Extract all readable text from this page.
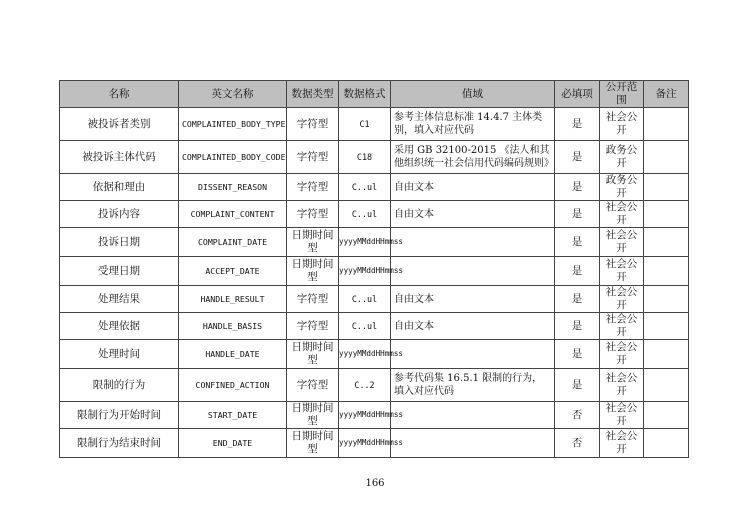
名称	英文名称	数据类型	数据格式	值域	必填项	公开范围	备注
被投诉者类别	COMPLAINTED_BODY_TYPE	字符型	C1	参考主体信息标准 14.4.7 主体类别，填入对应代码	是	社会公开	
被投诉主体代码	COMPLAINTED_BODY_CODE	字符型	C18	采用 GB 32100-2015 《法人和其他组织统一社会信用代码编码规则》	是	政务公开	
依据和理由	DISSENT_REASON	字符型	C..ul	自由文本	是	政务公开	
投诉内容	COMPLAINT_CONTENT	字符型	C..ul	自由文本	是	社会公开	
投诉日期	COMPLAINT_DATE	日期时间型	yyyyMMddHHmmss		是	社会公开	
受理日期	ACCEPT_DATE	日期时间型	yyyyMMddHHmmss		是	社会公开	
处理结果	HANDLE_RESULT	字符型	C..ul	自由文本	是	社会公开	
处理依据	HANDLE_BASIS	字符型	C..ul	自由文本	是	社会公开	
处理时间	HANDLE_DATE	日期时间型	yyyyMMddHHmmss		是	社会公开	
限制的行为	CONFINED_ACTION	字符型	C..2	参考代码集 16.5.1 限制的行为，填入对应代码	是	社会公开	
限制行为开始时间	START_DATE	日期时间型	yyyyMMddHHmmss		否	社会公开	
限制行为结束时间	END_DATE	日期时间型	yyyyMMddHHmmss		否	社会公开	
166
